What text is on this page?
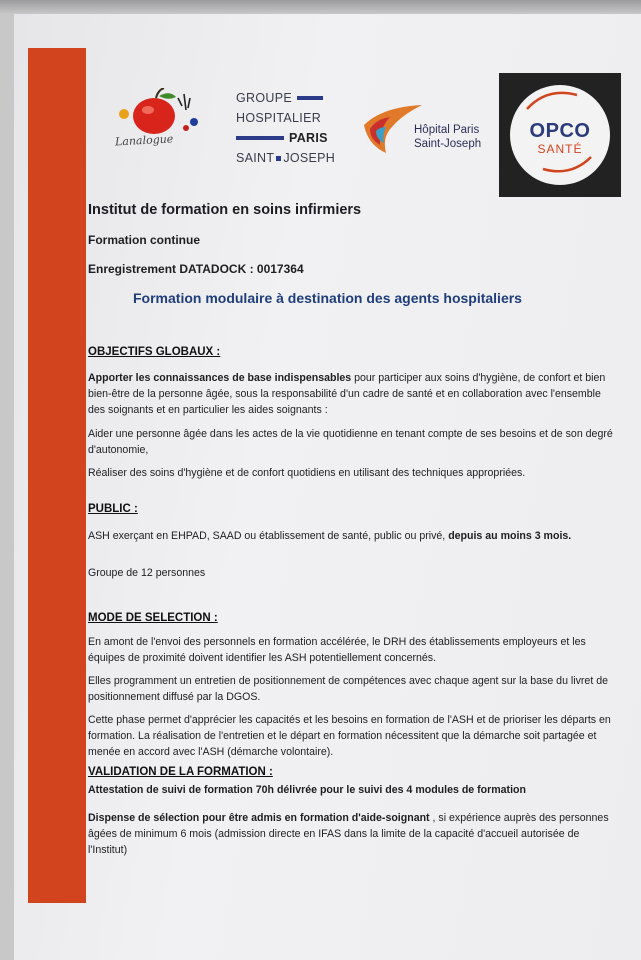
Lanalogue
GROUPE
HOSPITALIER
PARIS
SAINT JOSEPH
Hôpital Paris
Saint-Joseph
OPCO
SANTÉ
Institut de formation en soins infirmiers
Formation continue
Enregistrement DATADOCK : 0017364
Formation modulaire à destination des agents hospitaliers
OBJECTIFS GLOBAUX :
Apporter les connaissances de base indispensables pour participer aux soins d'hygiène, de confort et bien bien-être de la personne âgée, sous la responsabilité d'un cadre de santé et en collaboration avec l'ensemble des soignants et en particulier les aides soignants :
Aider une personne âgée dans les actes de la vie quotidienne en tenant compte de ses besoins et de son degré d'autonomie,
Réaliser des soins d'hygiène et de confort quotidiens en utilisant des techniques appropriées.
PUBLIC :
ASH exerçant en EHPAD, SAAD ou établissement de santé, public ou privé, depuis au moins 3 mois.
Groupe de 12 personnes
MODE DE SELECTION :
En amont de l'envoi des personnels en formation accélérée, le DRH des établissements employeurs et les équipes de proximité doivent identifier les ASH potentiellement concernés.
Elles programment un entretien de positionnement de compétences avec chaque agent sur la base du livret de positionnement diffusé par la DGOS.
Cette phase permet d'apprécier les capacités et les besoins en formation de l'ASH et de prioriser les départs en formation. La réalisation de l'entretien et le départ en formation nécessitent que la démarche soit partagée et menée en accord avec l'ASH (démarche volontaire).
VALIDATION DE LA FORMATION :
Attestation de suivi de formation 70h délivrée pour le suivi des 4 modules de formation
Dispense de sélection pour être admis en formation d'aide-soignant , si expérience auprès des personnes âgées de minimum 6 mois (admission directe en IFAS dans la limite de la capacité d'accueil autorisée de l'Institut)
